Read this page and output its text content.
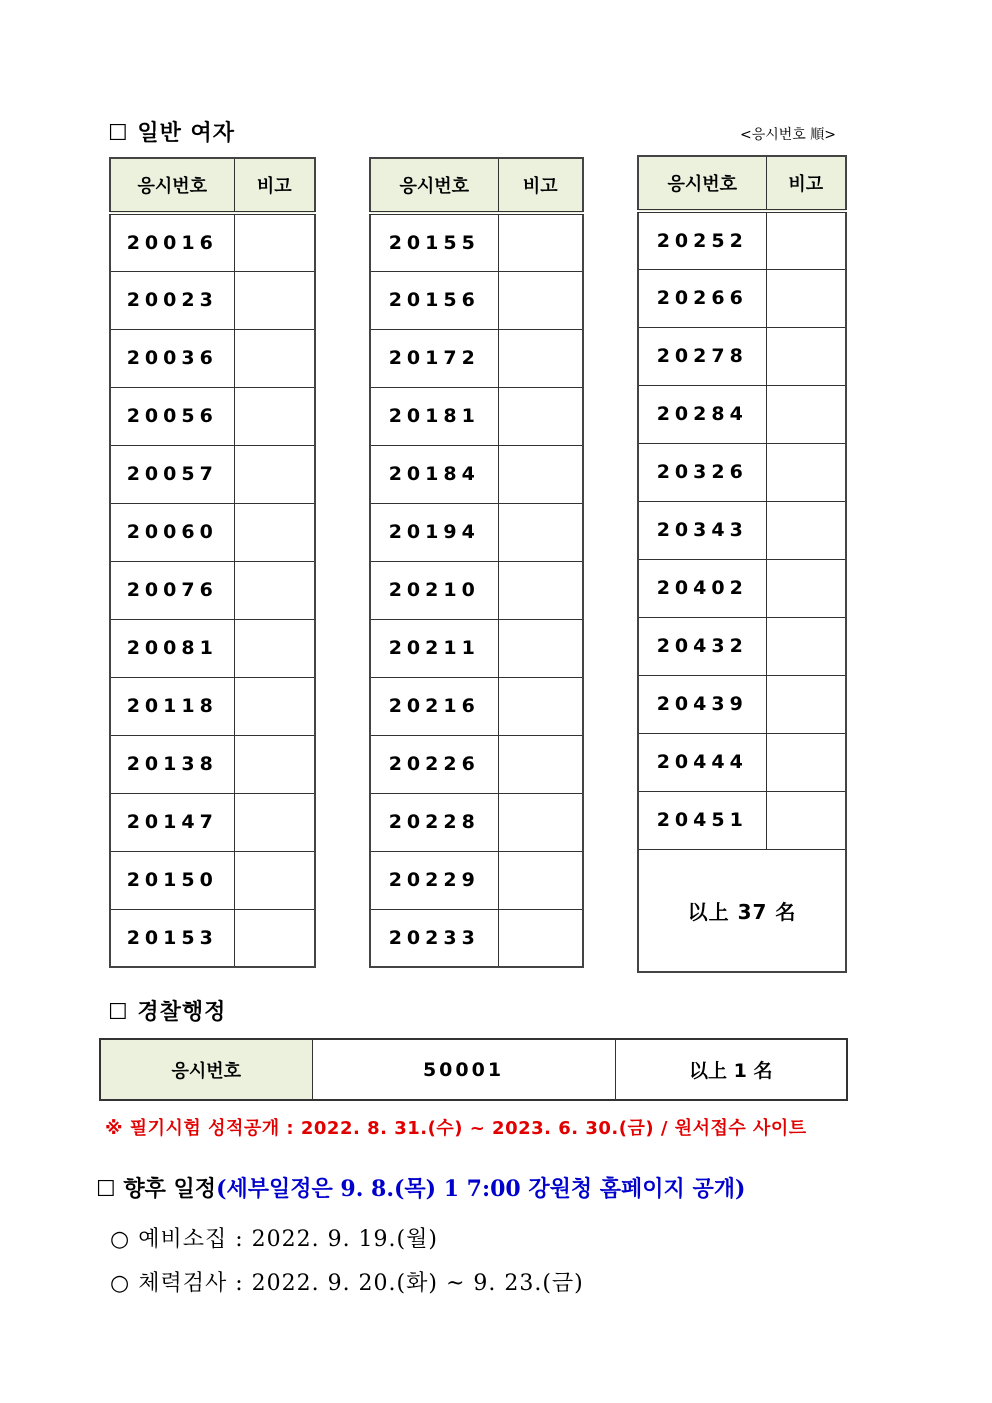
☐ 일반 여자	<응시번호 順>
응시번호	비고
20016	
20023	
20036	
20056	
20057	
20060	
20076	
20081	
20118	
20138	
20147	
20150	
20153	
응시번호	비고
20155	
20156	
20172	
20181	
20184	
20194	
20210	
20211	
20216	
20226	
20228	
20229	
20233	
응시번호	비고
20252	
20266	
20278	
20284	
20326	
20343	
20402	
20432	
20439	
20444	
20451	
以上 37 名	
☐ 경찰행정
응시번호	50001	以上 1 名
※ 필기시험 성적공개 : 2022. 8. 31.(수) ~ 2023. 6. 30.(금) / 원서접수 사이트
☐ 향후 일정(세부일정은 9. 8.(목) 1 7:00 강원청 홈페이지 공개)
○ 예비소집 : 2022. 9. 19.(월)
○ 체력검사 : 2022. 9. 20.(화) ~ 9. 23.(금)
